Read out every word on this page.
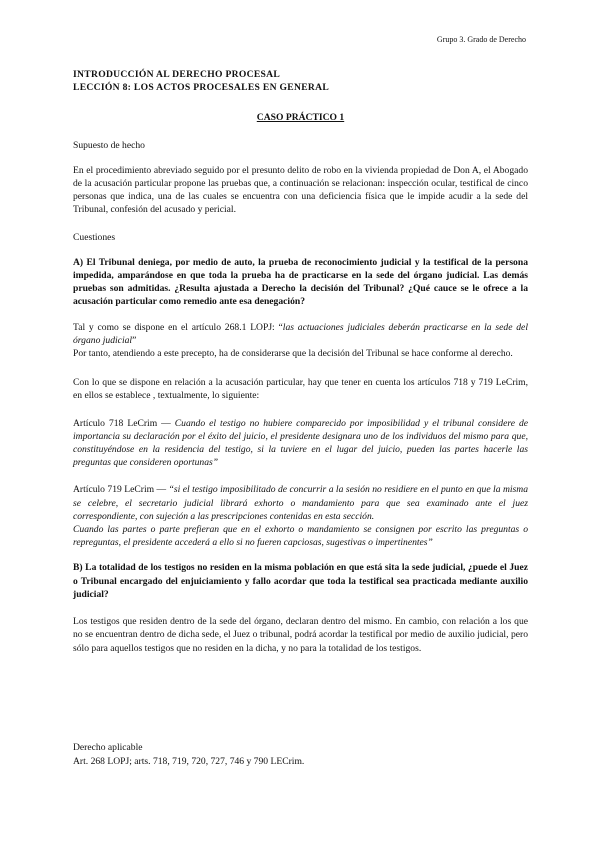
Grupo 3. Grado de Derecho
INTRODUCCIÓN AL DERECHO PROCESAL
LECCIÓN 8: LOS ACTOS PROCESALES EN GENERAL
CASO PRÁCTICO 1

Supuesto de hecho

En el procedimiento abreviado seguido por el presunto delito de robo en la vivienda propiedad de Don A, el Abogado de la acusación particular propone las pruebas que, a continuación se relacionan: inspección ocular, testifical de cinco personas que indica, una de las cuales se encuentra con una deficiencia física que le impide acudir a la sede del Tribunal, confesión del acusado y pericial.

Cuestiones

A) El Tribunal deniega, por medio de auto, la prueba de reconocimiento judicial y la testifical de la persona impedida, amparándose en que toda la prueba ha de practicarse en la sede del órgano judicial. Las demás pruebas son admitidas. ¿Resulta ajustada a Derecho la decisión del Tribunal? ¿Qué cauce se le ofrece a la acusación particular como remedio ante esa denegación?

Tal y como se dispone en el artículo 268.1 LOPJ: “las actuaciones judiciales deberán practicarse en la sede del órgano judicial”

Por tanto, atendiendo a este precepto, ha de considerarse que la decisión del Tribunal se hace conforme al derecho.

Con lo que se dispone en relación a la acusación particular, hay que tener en cuenta los artículos 718 y 719 LeCrim, en ellos se establece , textualmente, lo siguiente:

Artículo 718 LeCrim — Cuando el testigo no hubiere comparecido por imposibilidad y el tribunal considere de importancia su declaración por el éxito del juicio, el presidente designara uno de los individuos del mismo para que, constituyéndose en la residencia del testigo, si la tuviere en el lugar del juicio, pueden las partes hacerle las preguntas que consideren oportunas”

Artículo 719 LeCrim — “si el testigo imposibilitado de concurrir a la sesión no residiere en el punto en que la misma se celebre, el secretario judicial librará exhorto o mandamiento para que sea examinado ante el juez correspondiente, con sujeción a las prescripciones contenidas en esta sección.

Cuando las partes o parte prefieran que en el exhorto o mandamiento se consignen por escrito las preguntas o repreguntas, el presidente accederá a ello si no fueren capciosas, sugestivas o impertinentes”

B) La totalidad de los testigos no residen en la misma población en que está sita la sede judicial, ¿puede el Juez o Tribunal encargado del enjuiciamiento y fallo acordar que toda la testifical sea practicada mediante auxilio judicial?

Los testigos que residen dentro de la sede del órgano, declaran dentro del mismo. En cambio, con relación a los que no se encuentran dentro de dicha sede, el Juez o tribunal, podrá acordar la testifical por medio de auxilio judicial, pero sólo para aquellos testigos que no residen en la dicha, y no para la totalidad de los testigos.

Derecho aplicable
Art. 268 LOPJ; arts. 718, 719, 720, 727, 746 y 790 LECrim.
